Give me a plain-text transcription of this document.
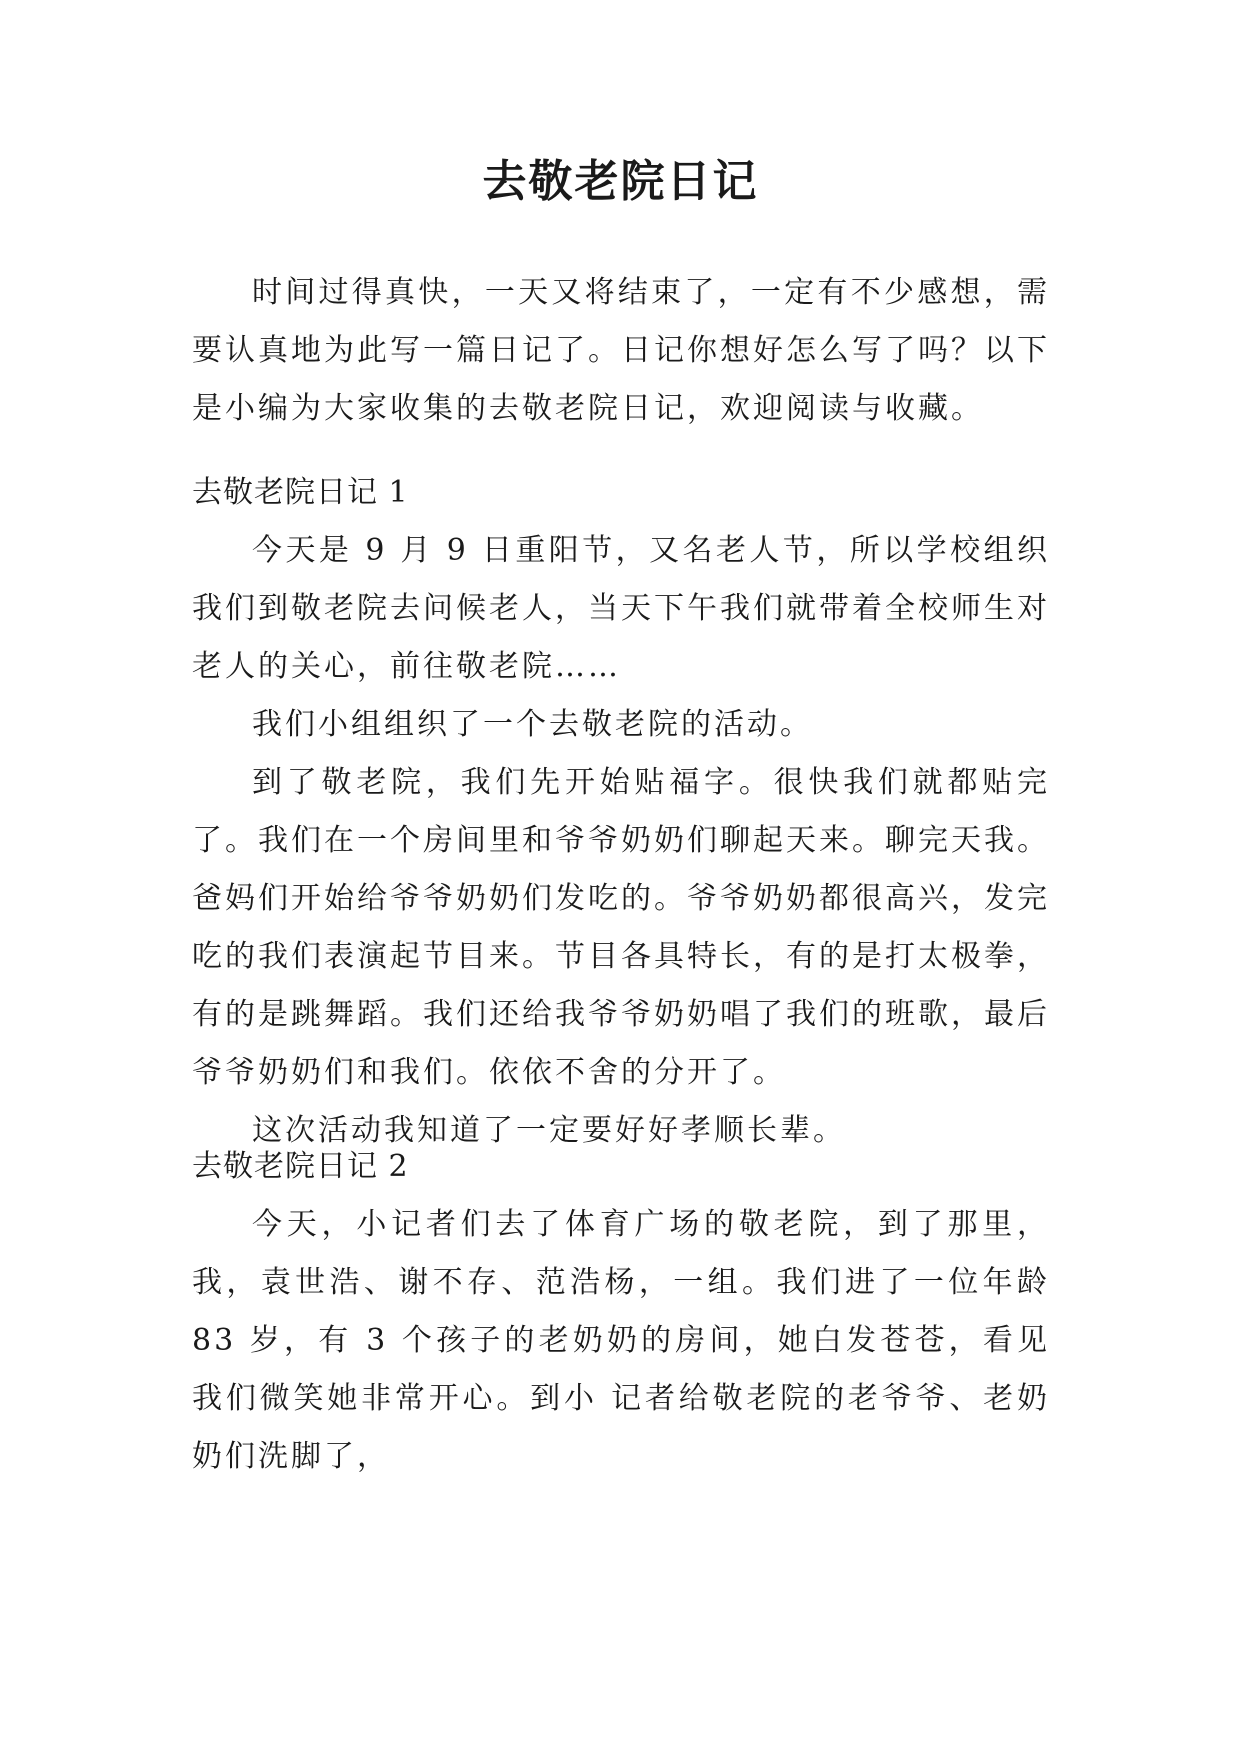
去敬老院日记

时间过得真快，一天又将结束了，一定有不少感想，需要认真地为此写一篇日记了。日记你想好怎么写了吗？以下是小编为大家收集的去敬老院日记，欢迎阅读与收藏。

去敬老院日记 1

今天是 9 月 9 日重阳节，又名老人节，所以学校组织我们到敬老院去问候老人，当天下午我们就带着全校师生对老人的关心，前往敬老院……

我们小组组织了一个去敬老院的活动。

到了敬老院，我们先开始贴福字。很快我们就都贴完了。我们在一个房间里和爷爷奶奶们聊起天来。聊完天我。爸妈们开始给爷爷奶奶们发吃的。爷爷奶奶都很高兴，发完吃的我们表演起节目来。节目各具特长，有的是打太极拳，有的是跳舞蹈。我们还给我爷爷奶奶唱了我们的班歌，最后爷爷奶奶们和我们。依依不舍的分开了。

这次活动我知道了一定要好好孝顺长辈。

去敬老院日记 2

今天，小记者们去了体育广场的敬老院，到了那里，我，袁世浩、谢不存、范浩杨，一组。我们进了一位年龄 83 岁，有 3 个孩子的老奶奶的房间，她白发苍苍，看见我们微笑她非常开心。到小 记者给敬老院的老爷爷、老奶奶们洗脚了，
